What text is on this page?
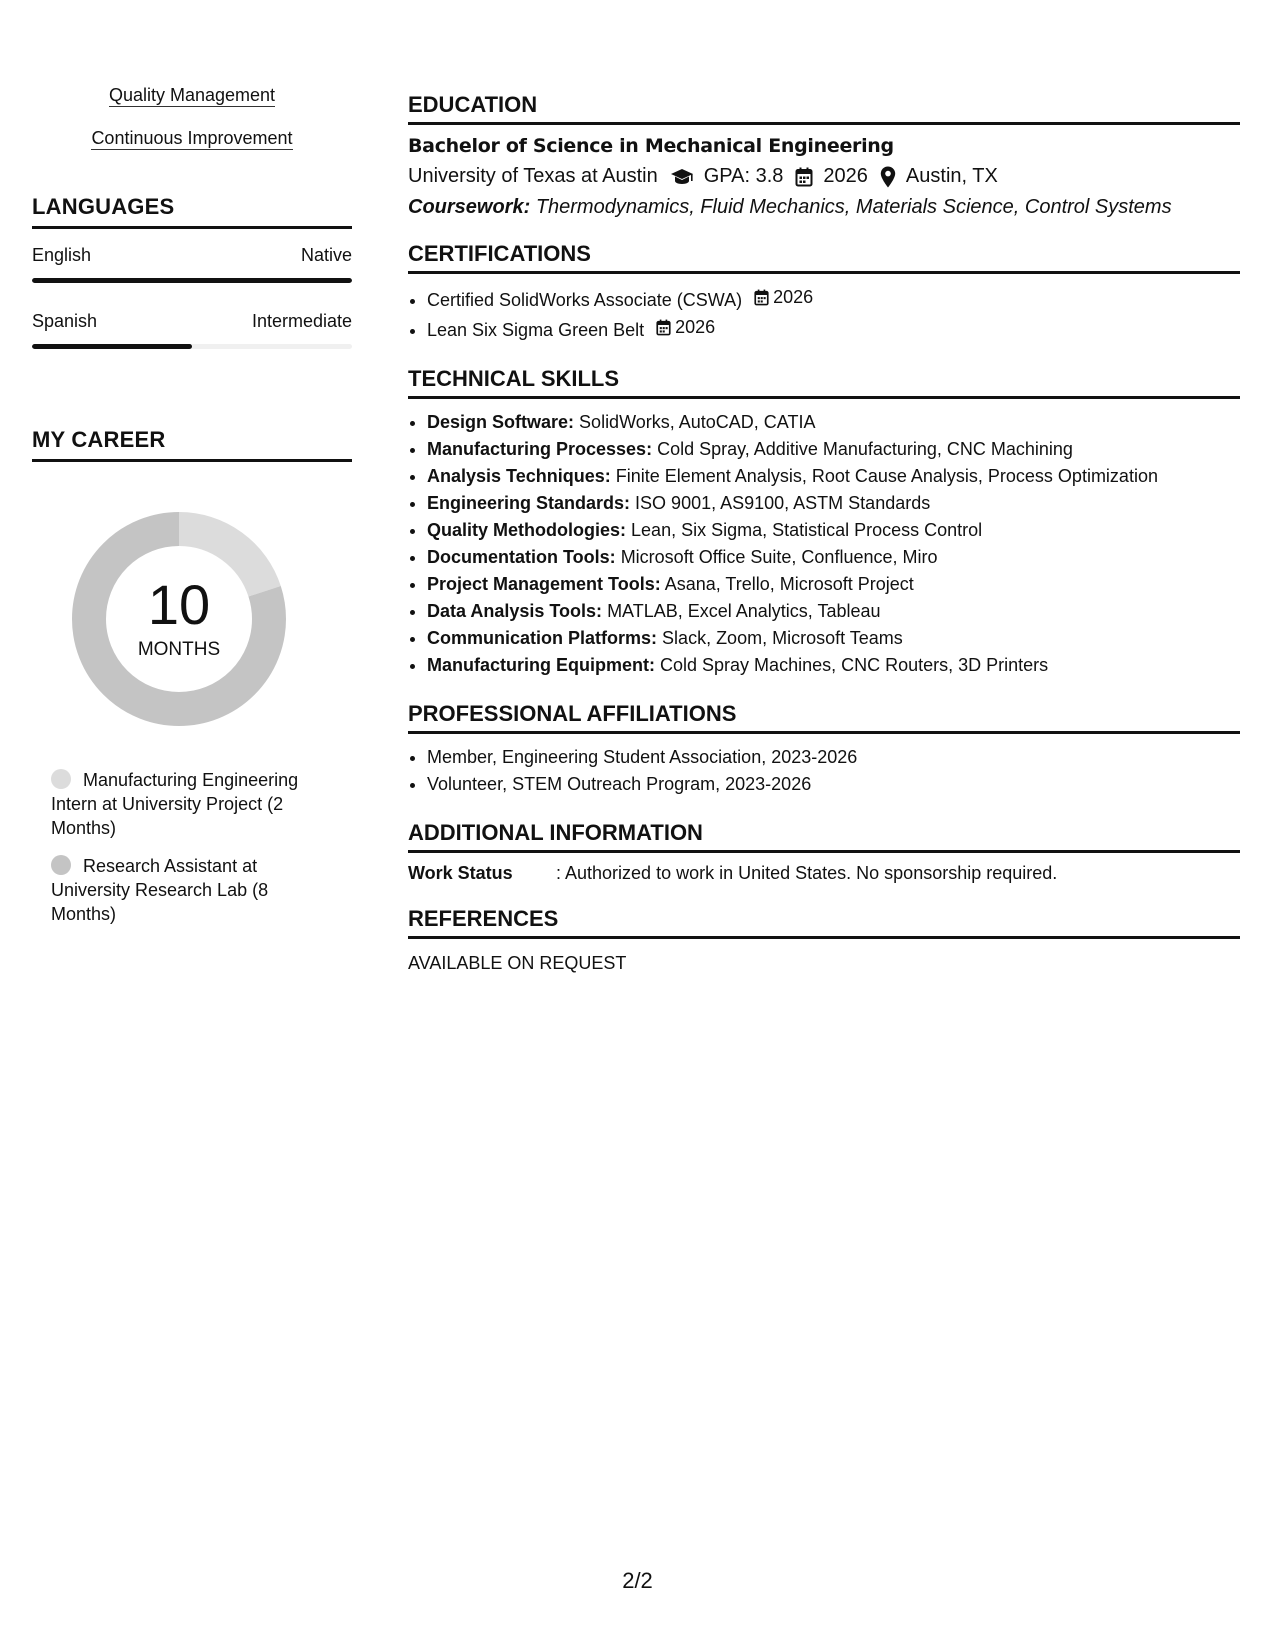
Quality Management
Continuous Improvement
LANGUAGES
English	Native
Spanish	Intermediate
MY CAREER
10
MONTHS
Manufacturing Engineering Intern at University Project (2 Months)
Research Assistant at University Research Lab (8 Months)
EDUCATION
Bachelor of Science in Mechanical Engineering
University of Texas at Austin GPA: 3.8 2026 Austin, TX
Coursework: Thermodynamics, Fluid Mechanics, Materials Science, Control Systems
CERTIFICATIONS
• Certified SolidWorks Associate (CSWA) 2026
• Lean Six Sigma Green Belt 2026
TECHNICAL SKILLS
• Design Software: SolidWorks, AutoCAD, CATIA
• Manufacturing Processes: Cold Spray, Additive Manufacturing, CNC Machining
• Analysis Techniques: Finite Element Analysis, Root Cause Analysis, Process Optimization
• Engineering Standards: ISO 9001, AS9100, ASTM Standards
• Quality Methodologies: Lean, Six Sigma, Statistical Process Control
• Documentation Tools: Microsoft Office Suite, Confluence, Miro
• Project Management Tools: Asana, Trello, Microsoft Project
• Data Analysis Tools: MATLAB, Excel Analytics, Tableau
• Communication Platforms: Slack, Zoom, Microsoft Teams
• Manufacturing Equipment: Cold Spray Machines, CNC Routers, 3D Printers
PROFESSIONAL AFFILIATIONS
• Member, Engineering Student Association, 2023-2026
• Volunteer, STEM Outreach Program, 2023-2026
ADDITIONAL INFORMATION
Work Status	: Authorized to work in United States. No sponsorship required.
REFERENCES
AVAILABLE ON REQUEST
2/2
